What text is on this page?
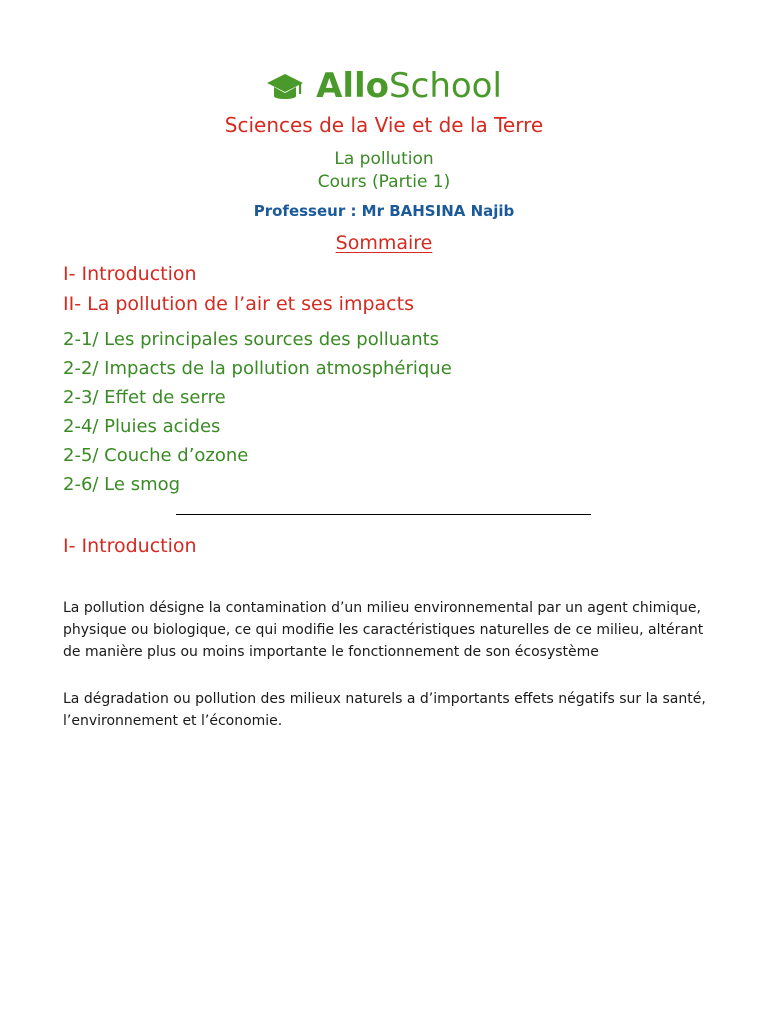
AlloSchool
Sciences de la Vie et de la Terre
La pollution
Cours (Partie 1)
Professeur : Mr BAHSINA Najib
Sommaire
I- Introduction
II- La pollution de l’air et ses impacts
2-1/ Les principales sources des polluants
2-2/ Impacts de la pollution atmosphérique
2-3/ Effet de serre
2-4/ Pluies acides
2-5/ Couche d’ozone
2-6/ Le smog
I- Introduction
La pollution désigne la contamination d’un milieu environnemental par un agent chimique, physique ou biologique, ce qui modifie les caractéristiques naturelles de ce milieu, altérant de manière plus ou moins importante le fonctionnement de son écosystème
La dégradation ou pollution des milieux naturels a d’importants effets négatifs sur la santé, l’environnement et l’économie.
